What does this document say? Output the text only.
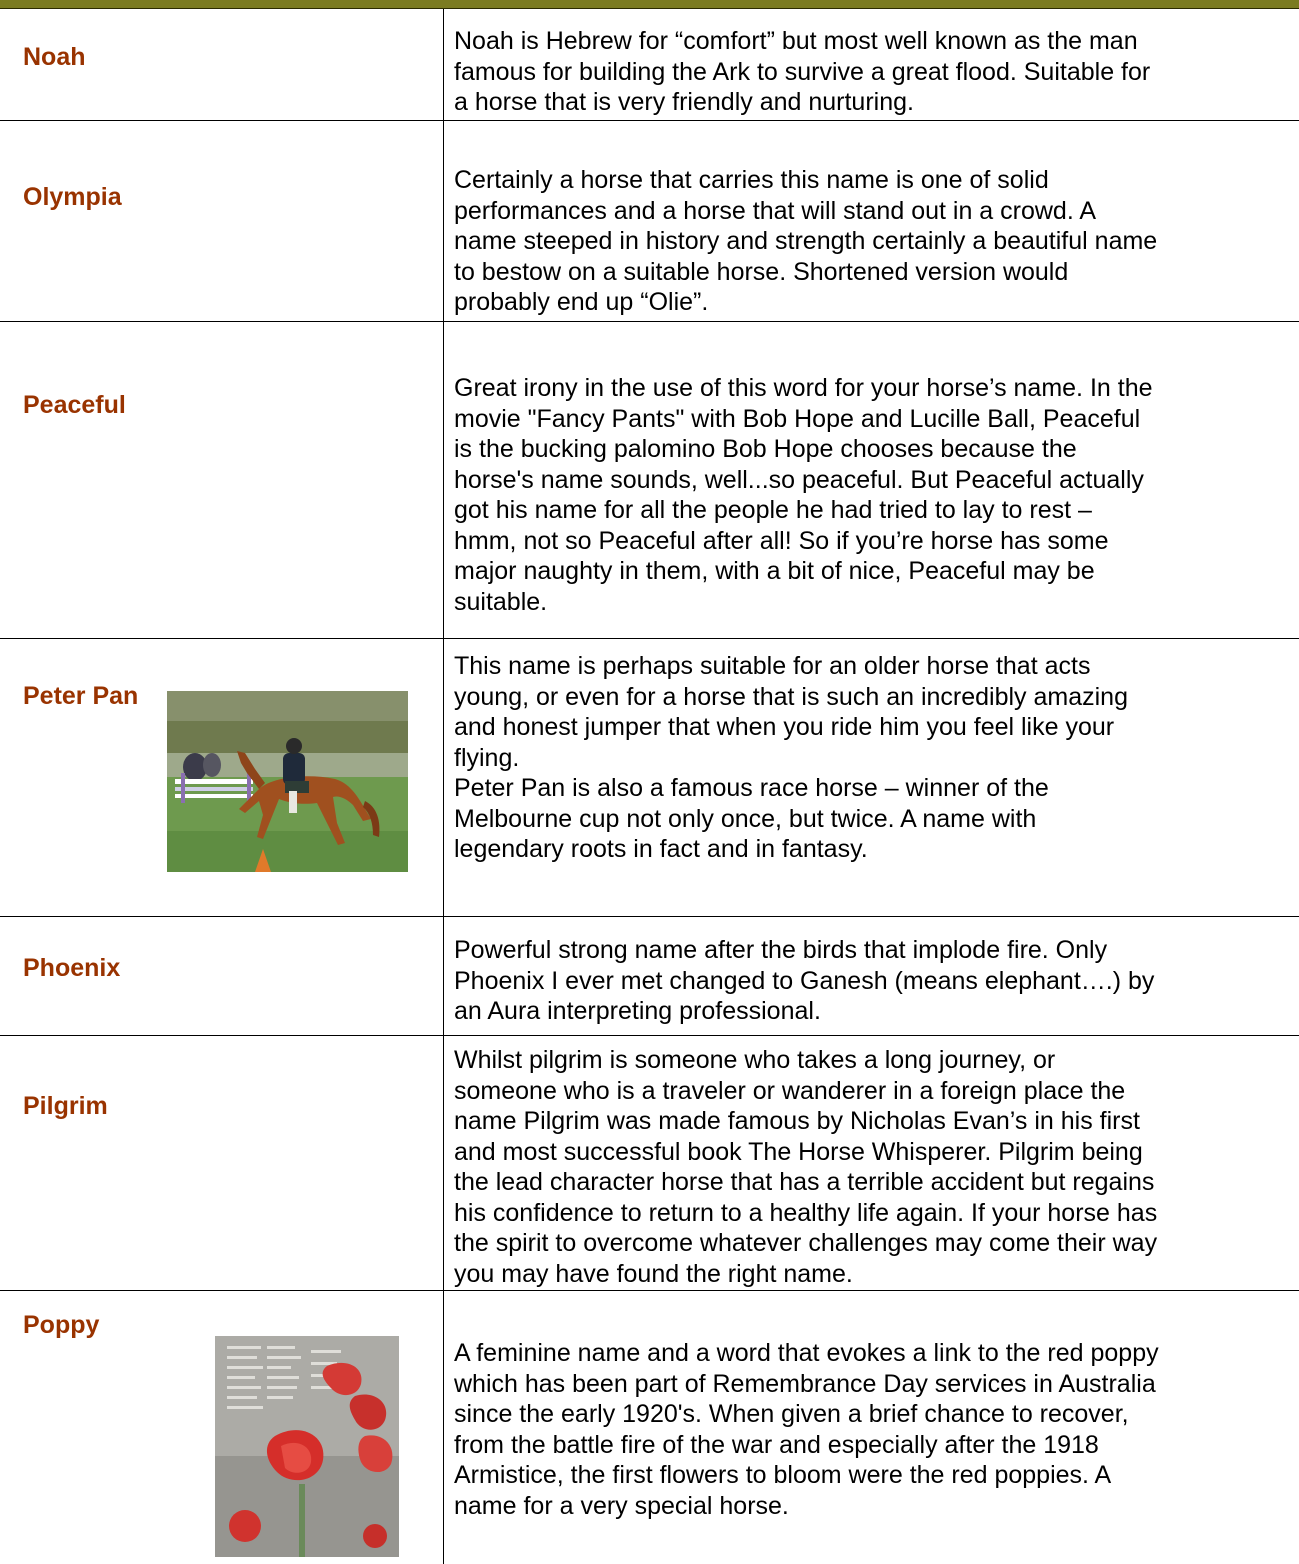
Noah
Noah is Hebrew for “comfort” but most well known as the man
famous for building the Ark to survive a great flood. Suitable for
a horse that is very friendly and nurturing.
Olympia
Certainly a horse that carries this name is one of solid
performances and a horse that will stand out in a crowd. A
name steeped in history and strength certainly a beautiful name
to bestow on a suitable horse. Shortened version would
probably end up “Olie”.
Peaceful
Great irony in the use of this word for your horse’s name. In the
movie "Fancy Pants" with Bob Hope and Lucille Ball, Peaceful
is the bucking palomino Bob Hope chooses because the
horse's name sounds, well...so peaceful. But Peaceful actually
got his name for all the people he had tried to lay to rest –
hmm, not so Peaceful after all! So if you’re horse has some
major naughty in them, with a bit of nice, Peaceful may be
suitable.
Peter Pan
This name is perhaps suitable for an older horse that acts
young, or even for a horse that is such an incredibly amazing
and honest jumper that when you ride him you feel like your
flying.
Peter Pan is also a famous race horse – winner of the
Melbourne cup not only once, but twice. A name with
legendary roots in fact and in fantasy.
Phoenix
Powerful strong name after the birds that implode fire. Only
Phoenix I ever met changed to Ganesh (means elephant….) by
an Aura interpreting professional.
Pilgrim
Whilst pilgrim is someone who takes a long journey, or
someone who is a traveler or wanderer in a foreign place the
name Pilgrim was made famous by Nicholas Evan’s in his first
and most successful book The Horse Whisperer. Pilgrim being
the lead character horse that has a terrible accident but regains
his confidence to return to a healthy life again. If your horse has
the spirit to overcome whatever challenges may come their way
you may have found the right name.
Poppy
A feminine name and a word that evokes a link to the red poppy
which has been part of Remembrance Day services in Australia
since the early 1920's. When given a brief chance to recover,
from the battle fire of the war and especially after the 1918
Armistice, the first flowers to bloom were the red poppies. A
name for a very special horse.
